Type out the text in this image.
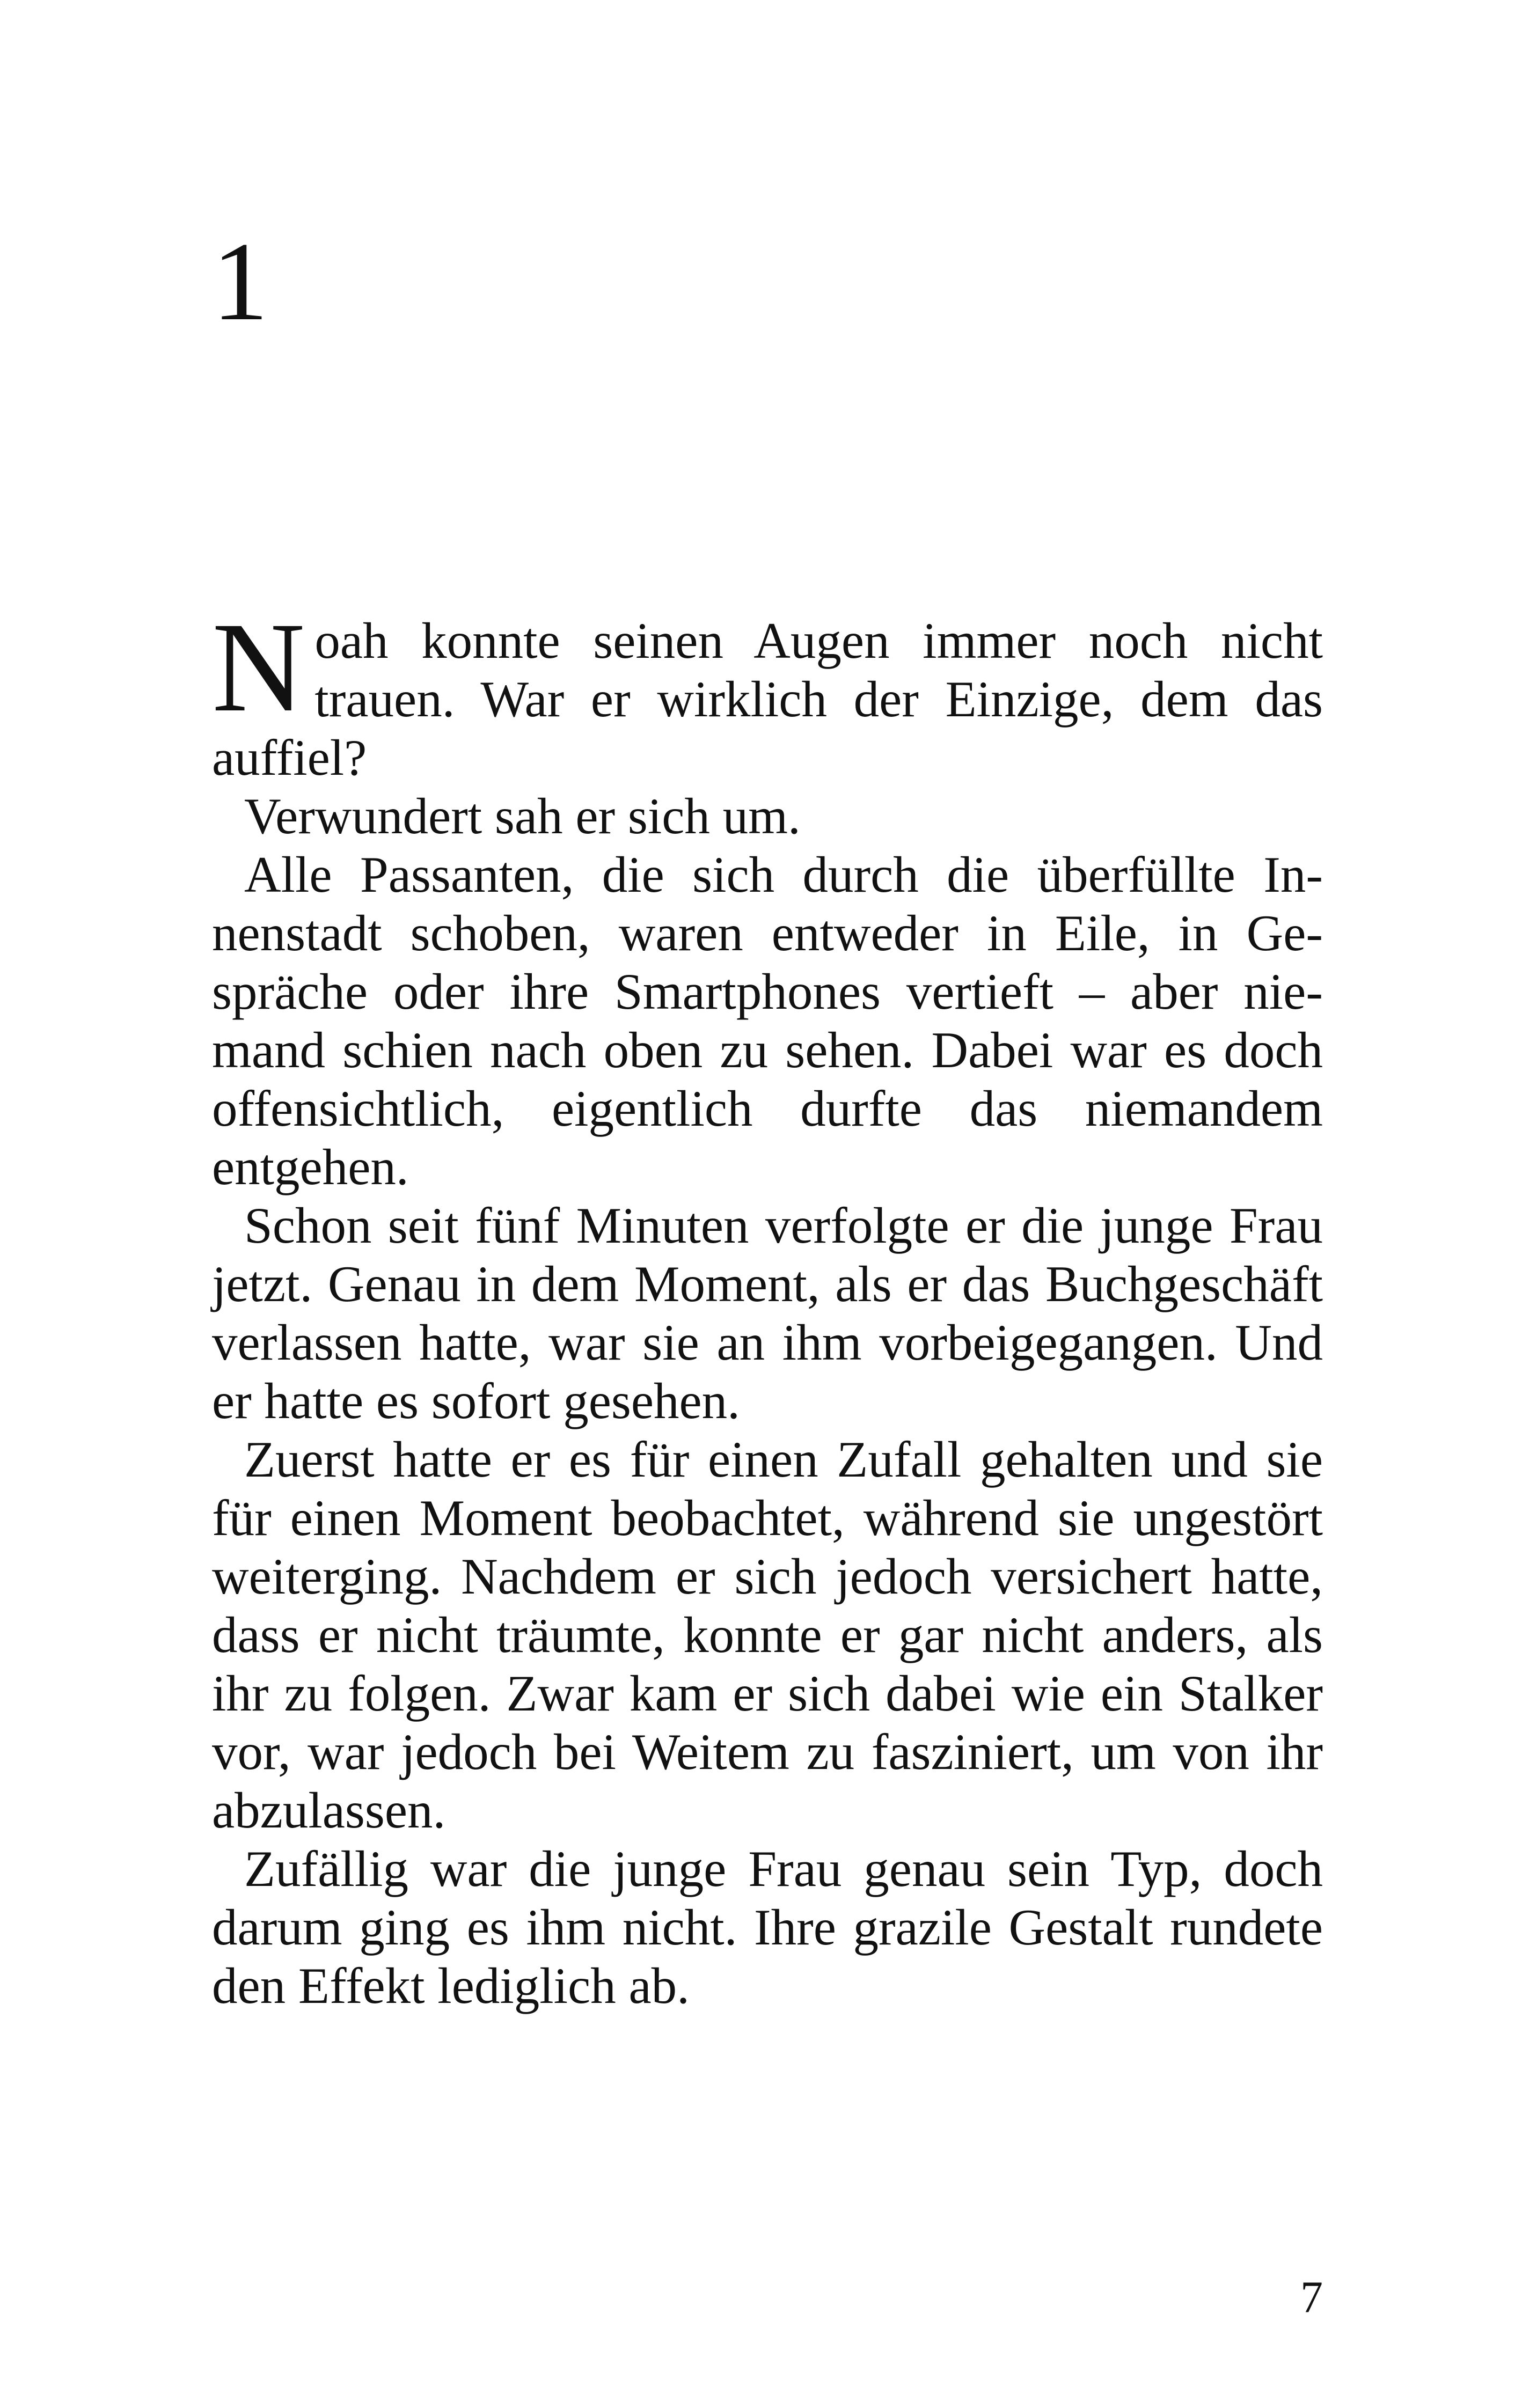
1

Noah konnte seinen Augen immer noch nicht trauen. War er wirklich der Einzige, dem das auffiel?

Verwundert sah er sich um.

Alle Passanten, die sich durch die überfüllte Innenstadt schoben, waren entweder in Eile, in Gespräche oder ihre Smartphones vertieft – aber niemand schien nach oben zu sehen. Dabei war es doch offensichtlich, eigentlich durfte das niemandem entgehen.

Schon seit fünf Minuten verfolgte er die junge Frau jetzt. Genau in dem Moment, als er das Buchgeschäft verlassen hatte, war sie an ihm vorbeigegangen. Und er hatte es sofort gesehen.

Zuerst hatte er es für einen Zufall gehalten und sie für einen Moment beobachtet, während sie ungestört weiterging. Nachdem er sich jedoch versichert hatte, dass er nicht träumte, konnte er gar nicht anders, als ihr zu folgen. Zwar kam er sich dabei wie ein Stalker vor, war jedoch bei Weitem zu fasziniert, um von ihr abzulassen.

Zufällig war die junge Frau genau sein Typ, doch darum ging es ihm nicht. Ihre grazile Gestalt rundete den Effekt lediglich ab.

7
